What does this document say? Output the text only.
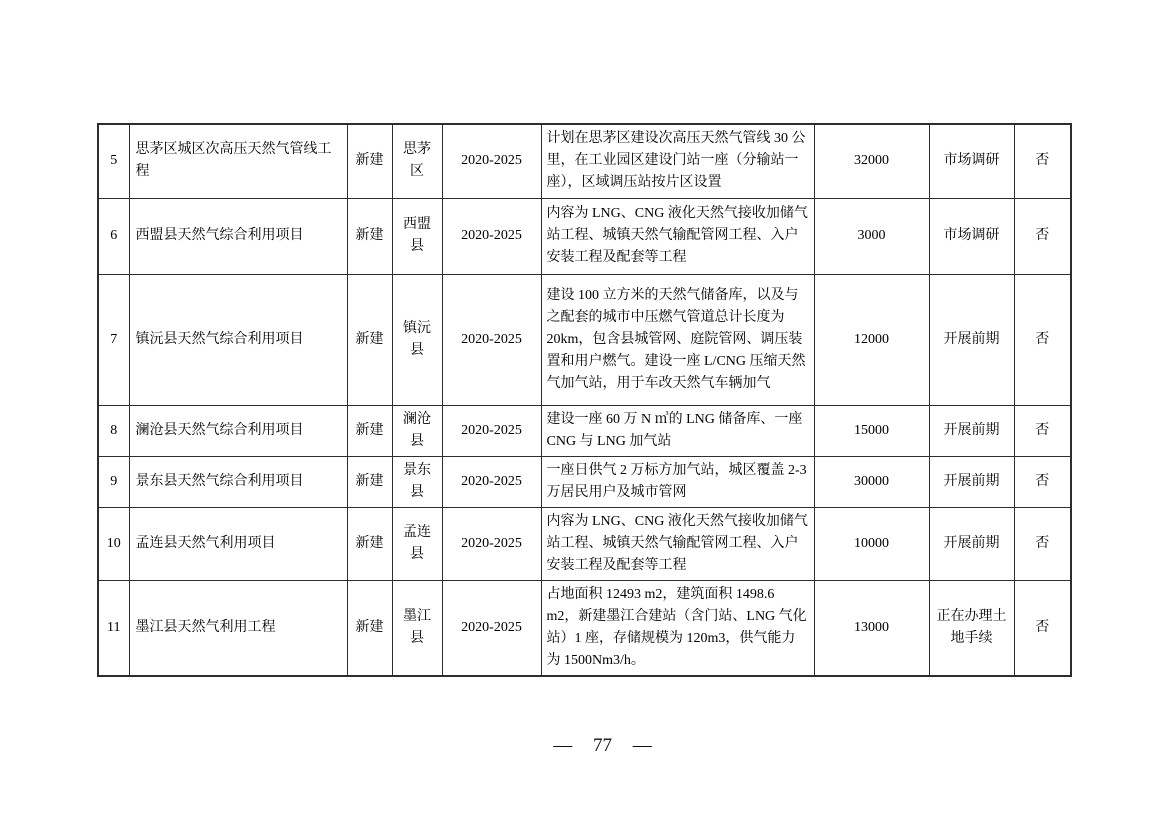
5	思茅区城区次高压天然气管线工程	新建	思茅区	2020-2025	计划在思茅区建设次高压天然气管线 30 公里，在工业园区建设门站一座（分输站一座），区域调压站按片区设置	32000	市场调研	否
6	西盟县天然气综合利用项目	新建	西盟县	2020-2025	内容为 LNG、CNG 液化天然气接收加储气站工程、城镇天然气输配管网工程、入户安装工程及配套等工程	3000	市场调研	否
7	镇沅县天然气综合利用项目	新建	镇沅县	2020-2025	建设 100 立方米的天然气储备库，以及与之配套的城市中压燃气管道总计长度为 20km，包含县城管网、庭院管网、调压装置和用户燃气。建设一座 L/CNG 压缩天然气加气站，用于车改天然气车辆加气	12000	开展前期	否
8	澜沧县天然气综合利用项目	新建	澜沧县	2020-2025	建设一座 60 万 N ㎥的 LNG 储备库、一座 CNG 与 LNG 加气站	15000	开展前期	否
9	景东县天然气综合利用项目	新建	景东县	2020-2025	一座日供气 2 万标方加气站，城区覆盖 2-3 万居民用户及城市管网	30000	开展前期	否
10	孟连县天然气利用项目	新建	孟连县	2020-2025	内容为 LNG、CNG 液化天然气接收加储气站工程、城镇天然气输配管网工程、入户安装工程及配套等工程	10000	开展前期	否
11	墨江县天然气利用工程	新建	墨江县	2020-2025	占地面积 12493 m2，建筑面积 1498.6 m2，新建墨江合建站（含门站、LNG 气化站）1 座，存储规模为 120m3，供气能力为 1500Nm3/h。	13000	正在办理土地手续	否
— 77 —
